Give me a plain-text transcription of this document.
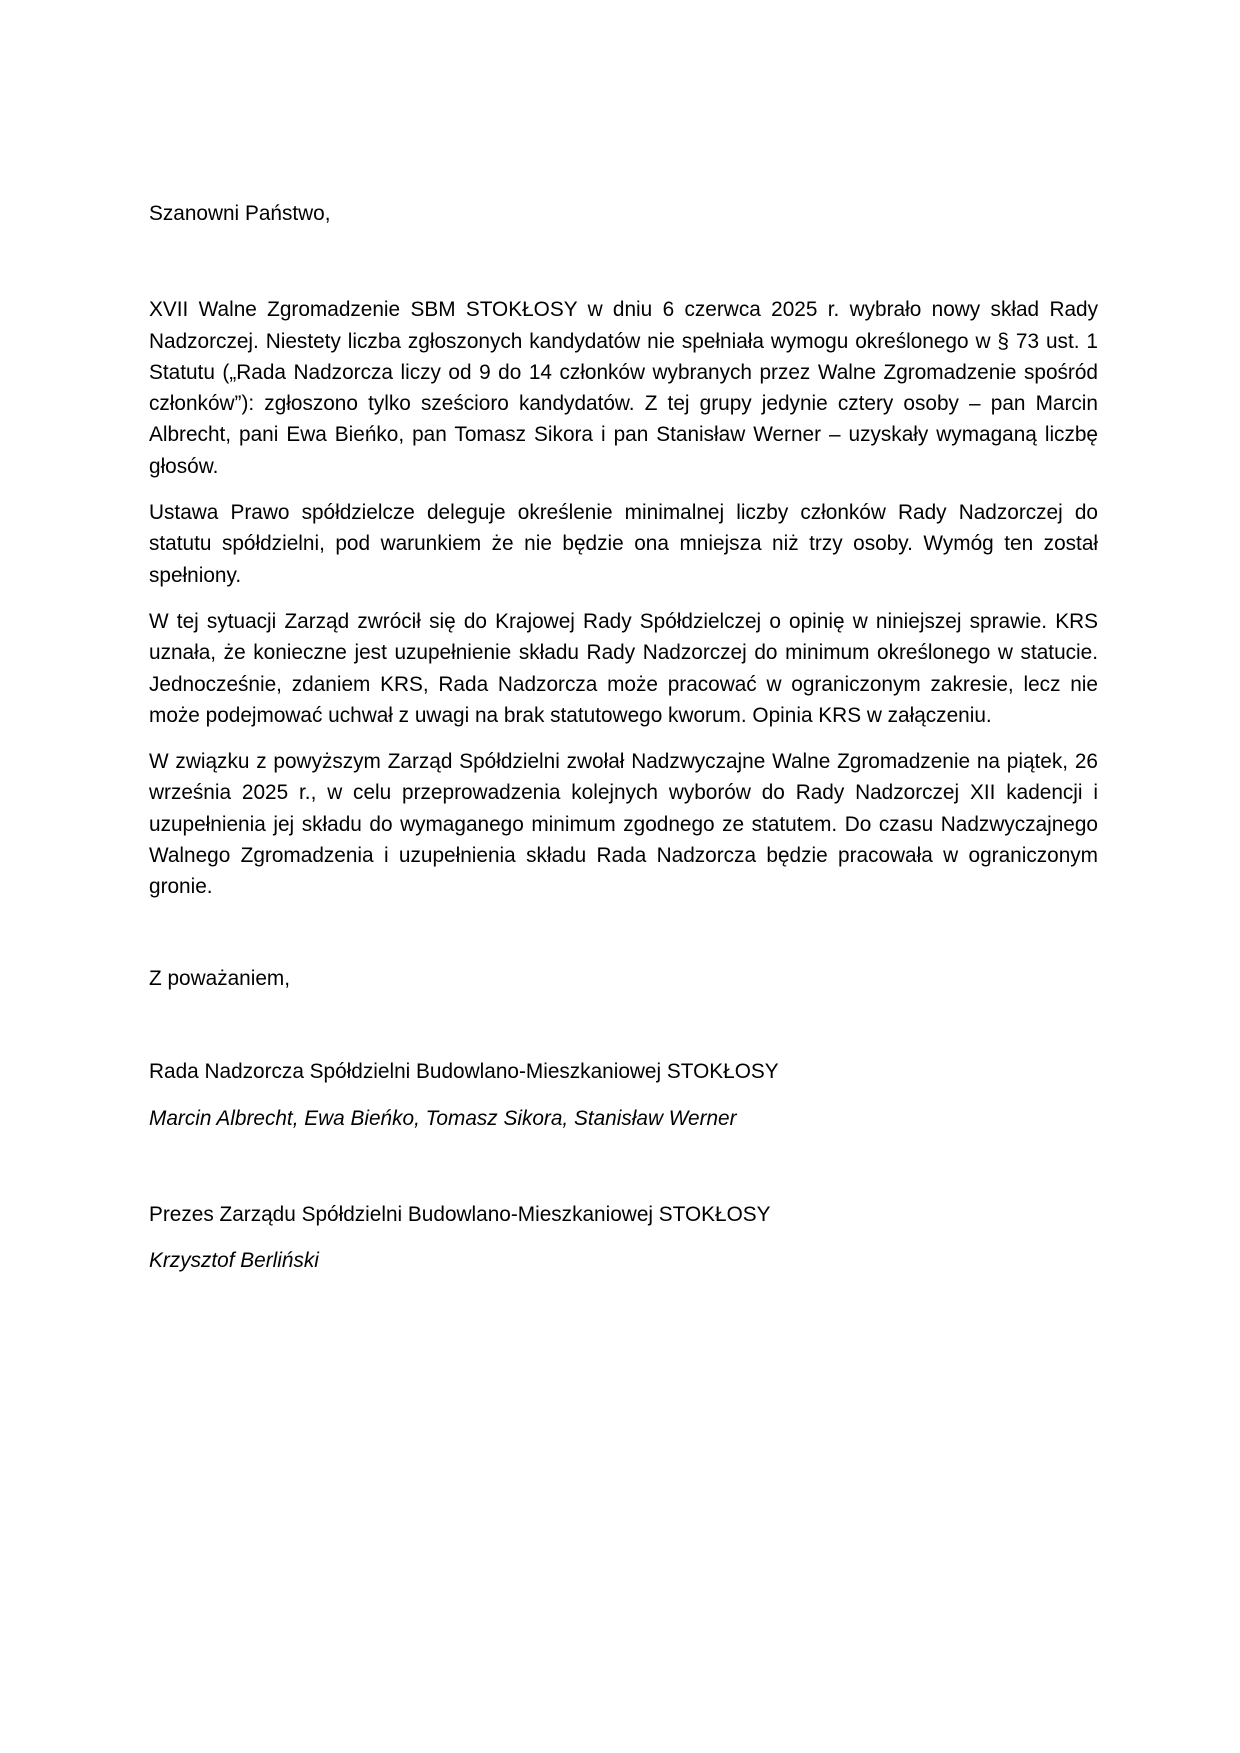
Szanowni Państwo,

XVII Walne Zgromadzenie SBM STOKŁOSY w dniu 6 czerwca 2025 r. wybrało nowy skład Rady Nadzorczej. Niestety liczba zgłoszonych kandydatów nie spełniała wymogu określonego w § 73 ust. 1 Statutu („Rada Nadzorcza liczy od 9 do 14 członków wybranych przez Walne Zgromadzenie spośród członków”): zgłoszono tylko sześcioro kandydatów. Z tej grupy jedynie cztery osoby – pan Marcin Albrecht, pani Ewa Bieńko, pan Tomasz Sikora i pan Stanisław Werner – uzyskały wymaganą liczbę głosów.

Ustawa Prawo spółdzielcze deleguje określenie minimalnej liczby członków Rady Nadzorczej do statutu spółdzielni, pod warunkiem że nie będzie ona mniejsza niż trzy osoby. Wymóg ten został spełniony.

W tej sytuacji Zarząd zwrócił się do Krajowej Rady Spółdzielczej o opinię w niniejszej sprawie. KRS uznała, że konieczne jest uzupełnienie składu Rady Nadzorczej do minimum określonego w statucie. Jednocześnie, zdaniem KRS, Rada Nadzorcza może pracować w ograniczonym zakresie, lecz nie może podejmować uchwał z uwagi na brak statutowego kworum. Opinia KRS w załączeniu.

W związku z powyższym Zarząd Spółdzielni zwołał Nadzwyczajne Walne Zgromadzenie na piątek, 26 września 2025 r., w celu przeprowadzenia kolejnych wyborów do Rady Nadzorczej XII kadencji i uzupełnienia jej składu do wymaganego minimum zgodnego ze statutem. Do czasu Nadzwyczajnego Walnego Zgromadzenia i uzupełnienia składu Rada Nadzorcza będzie pracowała w ograniczonym gronie.

Z poważaniem,

Rada Nadzorcza Spółdzielni Budowlano-Mieszkaniowej STOKŁOSY

Marcin Albrecht, Ewa Bieńko, Tomasz Sikora, Stanisław Werner

Prezes Zarządu Spółdzielni Budowlano-Mieszkaniowej STOKŁOSY

Krzysztof Berliński
